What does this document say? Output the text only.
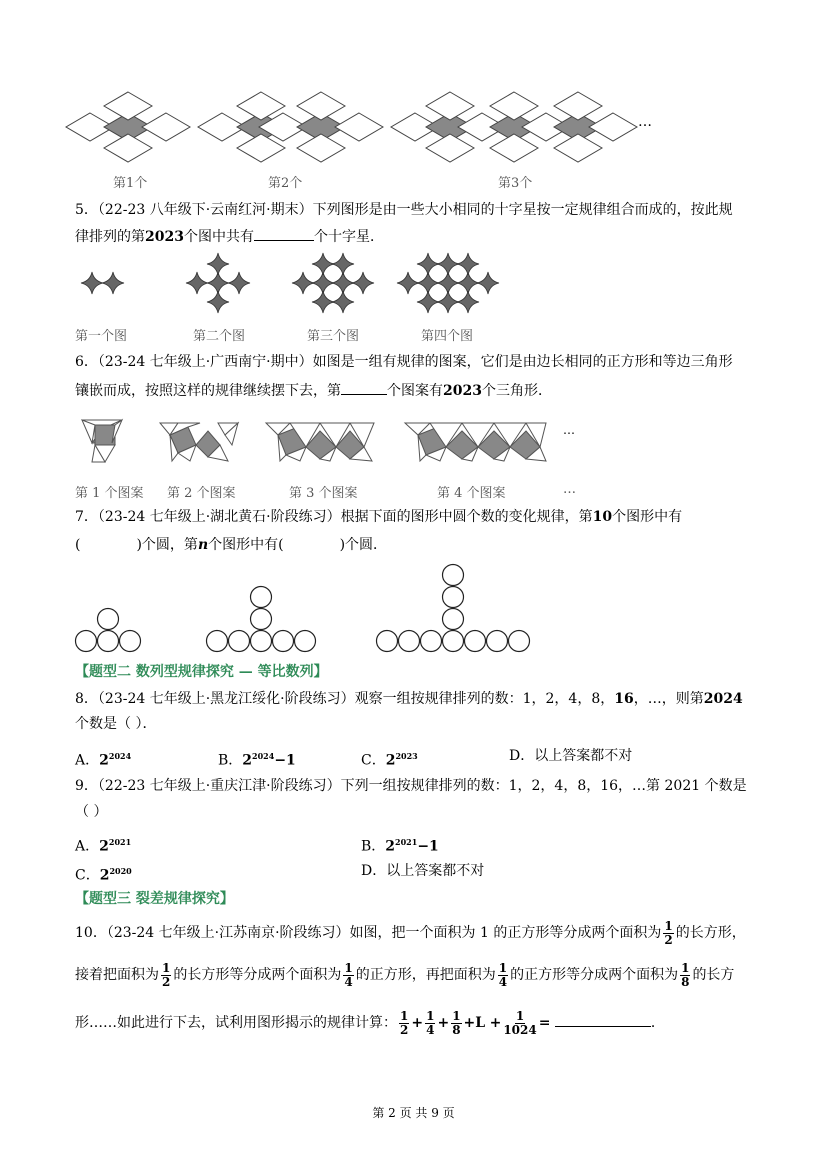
…
第1个	第2个	第3个
5．（22-23 八年级下·云南红河·期末）下列图形是由一些大小相同的十字星按一定规律组合而成的，按此规
律排列的第2023个图中共有	个十字星．
第一个图	第二个图	第三个图	第四个图
6．（23-24 七年级上·广西南宁·期中）如图是一组有规律的图案，它们是由边长相同的正方形和等边三角形
镶嵌而成，按照这样的规律继续摆下去，第	个图案有2023个三角形．
…
第 1 个图案 第 2 个图案	第 3 个图案	第 4 个图案	…
7．（23-24 七年级上·湖北黄石·阶段练习）根据下面的图形中圆个数的变化规律，第10个图形中有
(	)个圆，第n个图形中有(	)个圆．
【题型二 数列型规律探究 — 等比数列】
8．（23-24 七年级上·黑龙江绥化·阶段练习）观察一组按规律排列的数：1，2，4，8，16，…，则第2024
个数是（ ）．
A．$2^{2024}$	B．$2^{2024}-1$	C．$2^{2023}$	D．以上答案都不对
9．（22-23 七年级上·重庆江津·阶段练习）下列一组按规律排列的数：1，2，4，8，16，…第 2021 个数是
（ ）
A．$2^{2021}$	B．$2^{2021}-1$
C．$2^{2020}$	D．以上答案都不对
【题型三 裂差规律探究】
10．（23-24 七年级上·江苏南京·阶段练习）如图，把一个面积为 1 的正方形等分成两个面积为 $\frac{1}{2}$ 的长方形，
接着把面积为 $\frac{1}{2}$ 的长方形等分成两个面积为 $\frac{1}{4}$ 的正方形，再把面积为 $\frac{1}{4}$ 的正方形等分成两个面积为 $\frac{1}{8}$ 的长方
形……如此进行下去，试利用图形揭示的规律计算： $\frac{1}{2} + \frac{1}{4} + \frac{1}{8} +L + \frac{1}{1024}$ =	．
第 2 页 共 9 页
